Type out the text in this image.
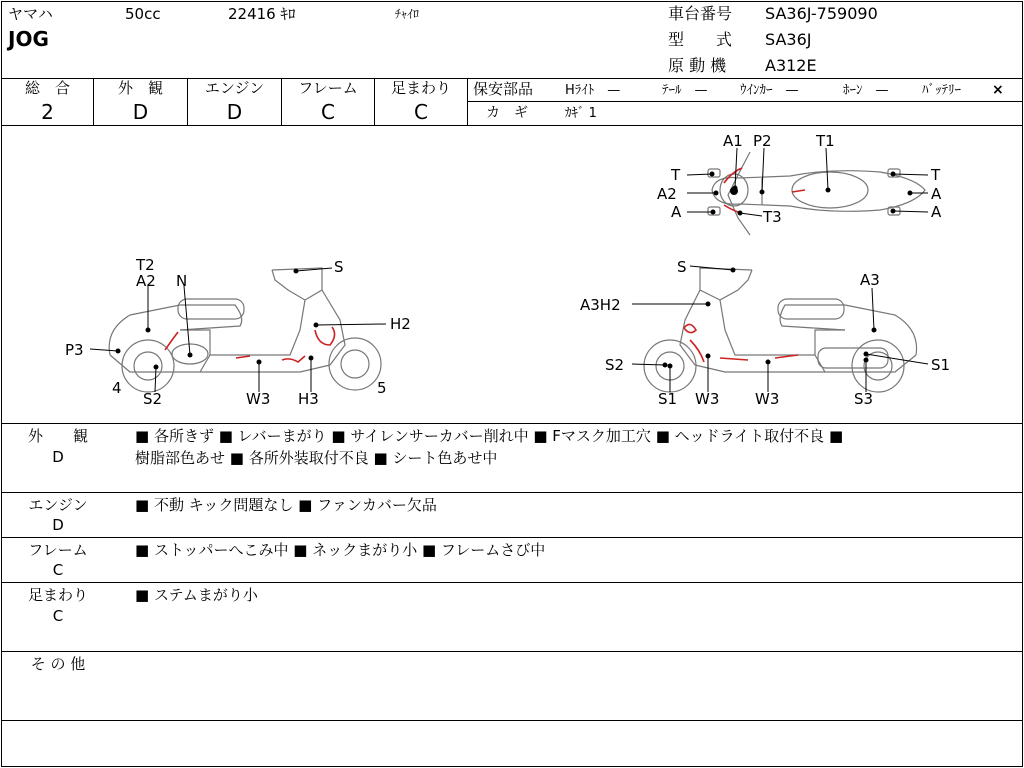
ヤマハ	50cc	22416 ｷﾛ	ﾁｬｲﾛ
JOG
車台番号 SA36J-759090
型　　式 SA36J
原 動 機 A312E
総　合
2
外　観
D
エンジン
D
フレーム
C
足まわり
C
保安部品 Hﾗｲﾄ　—	ﾃｰﾙ　— ｳｲﾝｶｰ　—	ﾎｰﾝ　—	ﾊﾞｯﾃﾘｰ ×
カ　ギ	ｶｷﾞ 1
A1 P2	T1
T
A2
A	T3
T
A
A
T2
A2 N
S
H2
P3
4
S2	W3 H3
5
S
A3
A3H2
S2	S1
W3 W3	S3
S1
外　　観
D
■ 各所きず ■ レバーまがり ■ サイレンサーカバー削れ中 ■ Fマスク加工穴 ■ ヘッドライト取付不良 ■
樹脂部色あせ ■ 各所外装取付不良 ■ シート色あせ中
エンジン
D
■ 不動 キック問題なし ■ ファンカバー欠品
フレーム
C
■ ストッパーへこみ中 ■ ネックまがり小 ■ フレームさび中
足まわり
C
■ ステムまがり小
そ の 他
